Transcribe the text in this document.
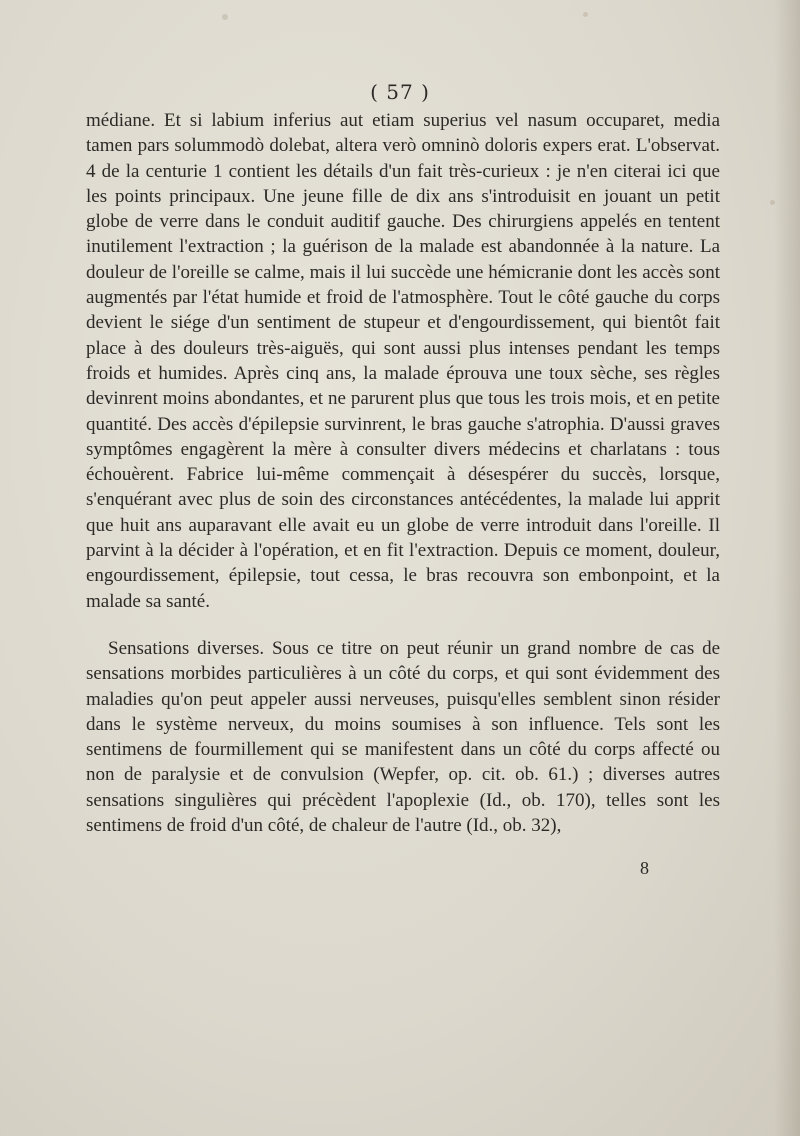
( 57 )

médiane. Et si labium inferius aut etiam superius vel nasum occuparet, media tamen pars solummodò dolebat, altera verò omninò doloris expers erat. L'observat. 4 de la centurie 1 contient les détails d'un fait très-curieux : je n'en citerai ici que les points principaux. Une jeune fille de dix ans s'introduisit en jouant un petit globe de verre dans le conduit auditif gauche. Des chirurgiens appelés en tentent inutilement l'extraction ; la guérison de la malade est abandonnée à la nature. La douleur de l'oreille se calme, mais il lui succède une hémicranie dont les accès sont augmentés par l'état humide et froid de l'atmosphère. Tout le côté gauche du corps devient le siége d'un sentiment de stupeur et d'engourdissement, qui bientôt fait place à des douleurs très-aiguës, qui sont aussi plus intenses pendant les temps froids et humides. Après cinq ans, la malade éprouva une toux sèche, ses règles devinrent moins abondantes, et ne parurent plus que tous les trois mois, et en petite quantité. Des accès d'épilepsie survinrent, le bras gauche s'atrophia. D'aussi graves symptômes engagèrent la mère à consulter divers médecins et charlatans : tous échouèrent. Fabrice lui-même commençait à désespérer du succès, lorsque, s'enquérant avec plus de soin des circonstances antécédentes, la malade lui apprit que huit ans auparavant elle avait eu un globe de verre introduit dans l'oreille. Il parvint à la décider à l'opération, et en fit l'extraction. Depuis ce moment, douleur, engourdissement, épilepsie, tout cessa, le bras recouvra son embonpoint, et la malade sa santé.

Sensations diverses. Sous ce titre on peut réunir un grand nombre de cas de sensations morbides particulières à un côté du corps, et qui sont évidemment des maladies qu'on peut appeler aussi nerveuses, puisqu'elles semblent sinon résider dans le système nerveux, du moins soumises à son influence. Tels sont les sentimens de fourmillement qui se manifestent dans un côté du corps affecté ou non de paralysie et de convulsion (Wepfer, op. cit. ob. 61.) ; diverses autres sensations singulières qui précèdent l'apoplexie (Id., ob. 170), telles sont les sentimens de froid d'un côté, de chaleur de l'autre (Id., ob. 32),

8
